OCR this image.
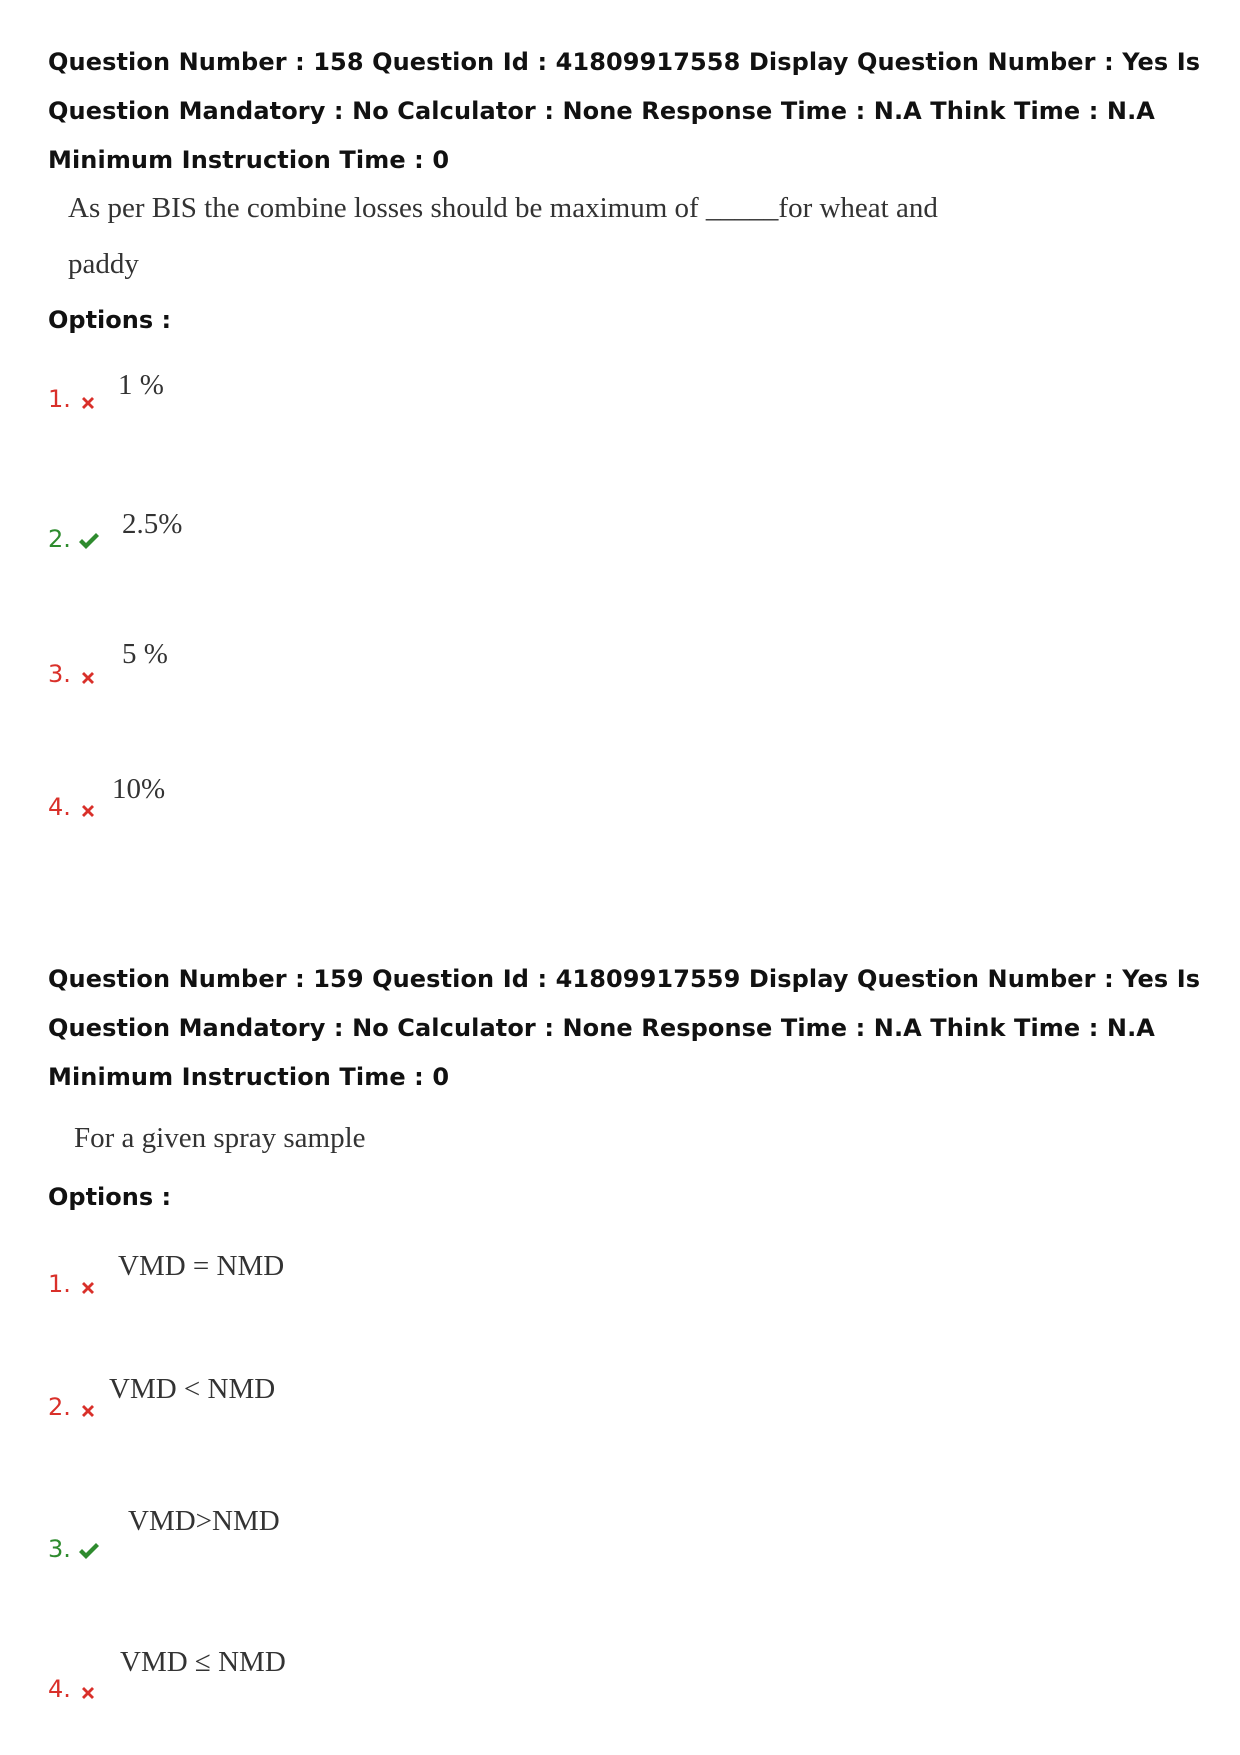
Question Number : 158 Question Id : 41809917558 Display Question Number : Yes Is Question Mandatory : No Calculator : None Response Time : N.A Think Time : N.A Minimum Instruction Time : 0
As per BIS the combine losses should be maximum of _____for wheat and
paddy
Options :
1. 1 %
2. 2.5%
3.
5 %
4.
10%
Question Number : 159 Question Id : 41809917559 Display Question Number : Yes Is Question Mandatory : No Calculator : None Response Time : N.A Think Time : N.A Minimum Instruction Time : 0
For a given spray sample
Options :
1.
VMD = NMD
2.
VMD < NMD
3.
VMD>NMD
4.
VMD ≤ NMD
